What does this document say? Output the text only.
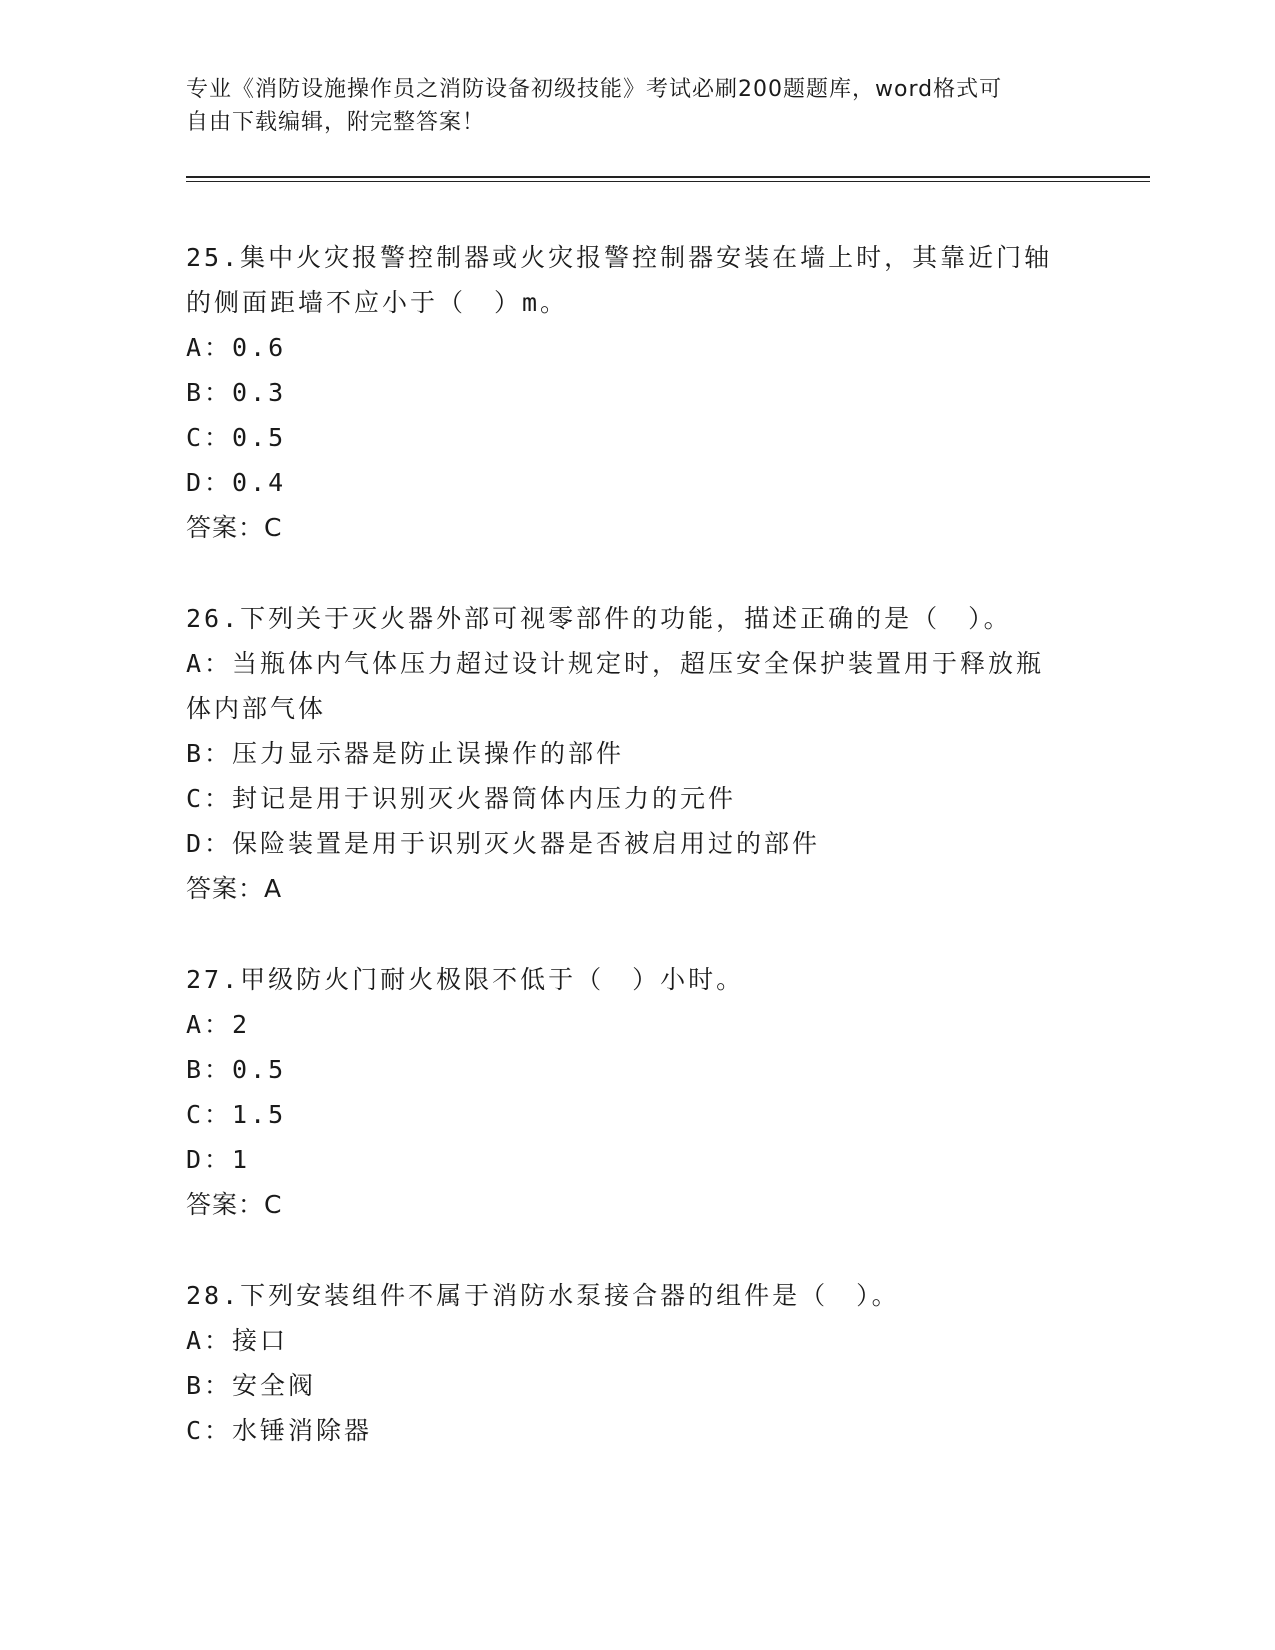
专业《消防设施操作员之消防设备初级技能》考试必刷200题题库，word格式可
自由下载编辑，附完整答案！
25.集中火灾报警控制器或火灾报警控制器安装在墙上时，其靠近门轴
的侧面距墙不应小于（　）m。
A：0.6
B：0.3
C：0.5
D：0.4
答案：C
26.下列关于灭火器外部可视零部件的功能，描述正确的是（　）。
A：当瓶体内气体压力超过设计规定时，超压安全保护装置用于释放瓶
体内部气体
B：压力显示器是防止误操作的部件
C：封记是用于识别灭火器筒体内压力的元件
D：保险装置是用于识别灭火器是否被启用过的部件
答案：A
27.甲级防火门耐火极限不低于（　）小时。
A：2
B：0.5
C：1.5
D：1
答案：C
28.下列安装组件不属于消防水泵接合器的组件是（　）。
A：接口
B：安全阀
C：水锤消除器
